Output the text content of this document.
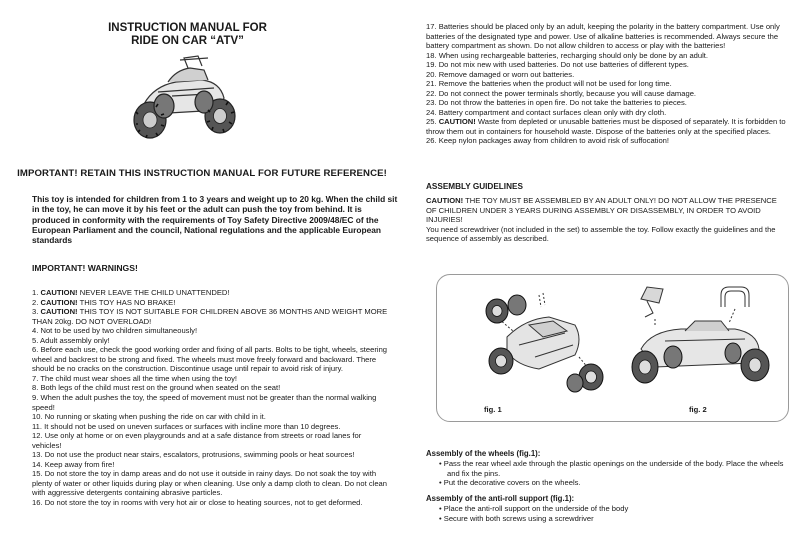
INSTRUCTION MANUAL FOR
RIDE ON CAR “ATV”
IMPORTANT! RETAIN THIS INSTRUCTION MANUAL FOR FUTURE REFERENCE!
This toy is intended for children from 1 to 3 years and weight up to 20 kg. When the child sit in the toy, he can move it by his feet or the adult can push the toy from behind. It is produced in conformity with the requirements of Toy Safety Directive 2009/48/EC of the European Parliament and the council, National regulations and the applicable European standards
IMPORTANT! WARNINGS!
1. CAUTION! NEVER LEAVE THE CHILD UNATTENDED!
2. CAUTION! THIS TOY HAS NO BRAKE!
3. CAUTION! THIS TOY IS NOT SUITABLE FOR CHILDREN ABOVE 36 MONTHS AND WEIGHT MORE THAN 20kg. DO NOT OVERLOAD!
4. Not to be used by two children simultaneously!
5. Adult assembly only!
6. Before each use, check the good working order and fixing of all parts. Bolts to be tight, wheels, steering wheel and backrest to be strong and fixed. The wheels must move freely forward and backward. There should be no cracks on the construction. Discontinue usage until repair to avoid risk of injury.
7. The child must wear shoes all the time when using the toy!
8. Both legs of the child must rest on the ground when seated on the seat!
9. When the adult pushes the toy, the speed of movement must not be greater than the normal walking speed!
10. No running or skating when pushing the ride on car with child in it.
11. It should not be used on uneven surfaces or surfaces with incline more than 10 degrees.
12. Use only at home or on even playgrounds and at a safe distance from streets or road lanes for vehicles!
13. Do not use the product near stairs, escalators, protrusions, swimming pools or heat sources!
14. Keep away from fire!
15. Do not store the toy in damp areas and do not use it outside in rainy days. Do not soak the toy with plenty of water or other liquids during play or when cleaning. Use only a damp cloth to clean. Do not clean with aggressive detergents containing abrasive particles.
16. Do not store the toy in rooms with very hot air or close to heating sources, not to get deformed.
17. Batteries should be placed only by an adult, keeping the polarity in the battery compartment. Use only batteries of the designated type and power. Use of alkaline batteries is recommended. Always secure the battery compartment as shown. Do not allow children to access or play with the batteries!
18. When using rechargeable batteries, recharging should only be done by an adult.
19. Do not mix new with used batteries. Do not use batteries of different types.
20. Remove damaged or worn out batteries.
21. Remove the batteries when the product will not be used for long time.
22. Do not connect the power terminals shortly, because you will cause damage.
23. Do not throw the batteries in open fire. Do not take the batteries to pieces.
24. Battery compartment and contact surfaces clean only with dry cloth.
25. CAUTION! Waste from depleted or unusable batteries must be disposed of separately. It is forbidden to throw them out in containers for household waste. Dispose of the batteries only at the specified places.
26. Keep nylon packages away from children to avoid risk of suffocation!
ASSEMBLY GUIDELINES
CAUTION! THE TOY MUST BE ASSEMBLED BY AN ADULT ONLY! DO NOT ALLOW THE PRESENCE OF CHILDREN UNDER 3 YEARS DURING ASSEMBLY OR DISASSEMBLY, IN ORDER TO AVOID INJURIES!
You need screwdriver (not included in the set) to assemble the toy. Follow exactly the guidelines and the sequence of assembly as described.
fig. 1	fig. 2
Assembly of the wheels (fig.1):
• Pass the rear wheel axle through the plastic openings on the underside of the body. Place the wheels and fix the pins.
• Put the decorative covers on the wheels.
Assembly of the anti-roll support (fig.1):
• Place the anti-roll support on the underside of the body
• Secure with both screws using a screwdriver
